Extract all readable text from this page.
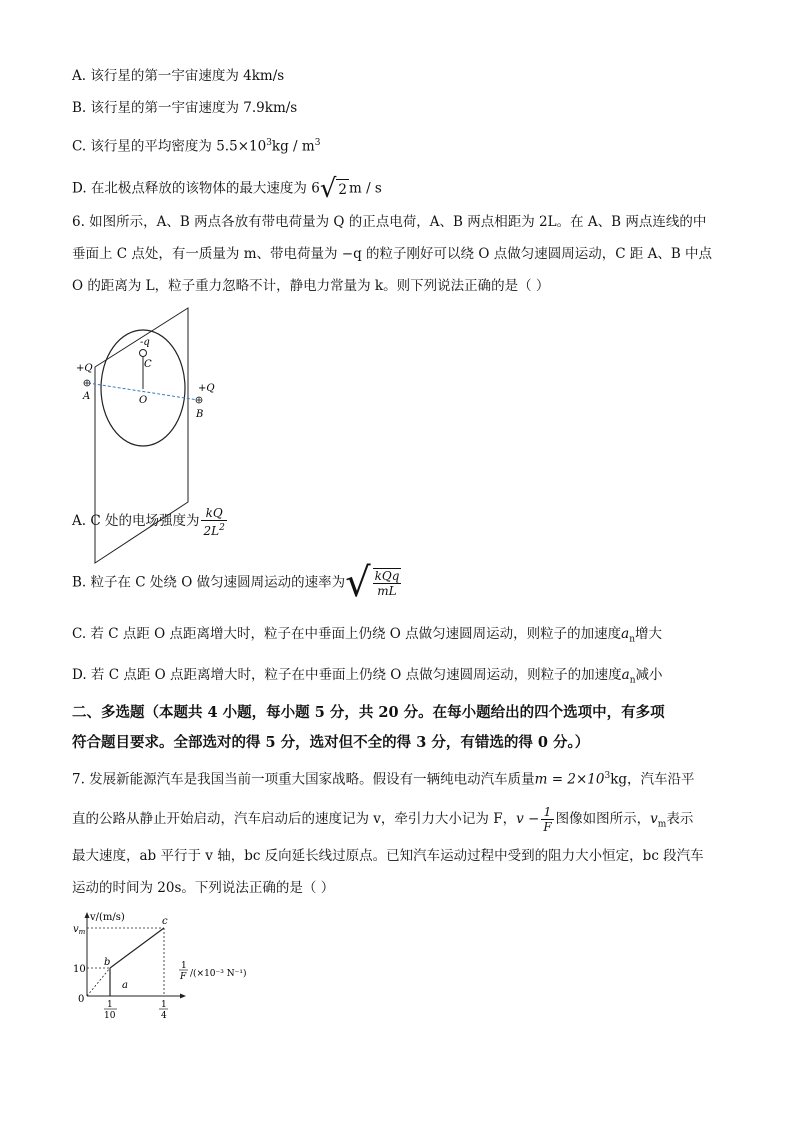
A. 该行星的第一宇宙速度为 4km/s
B. 该行星的第一宇宙速度为 7.9km/s
C. 该行星的平均密度为 $5.5\times 10^3kg / m^3$
D. 在北极点释放的该物体的最大速度为 6√ 2 m / s
6. 如图所示，A、B 两点各放有带电荷量为 Q 的正点电荷，A、B 两点相距为 2L。在 A、B 两点连线的中
垂面上 C 点处，有一质量为 m、带电荷量为 −q 的粒子刚好可以绕 O 点做匀速圆周运动，C 距 A、B 中点
O 的距离为 L，粒子重力忽略不计，静电力常量为 k。则下列说法正确的是（ ）
+Q
A
-q
C
O
+Q
B
A. C 处的电场强度为 $\frac{kQ}{2L^2}$
B. 粒子在 C 处绕 O 做匀速圆周运动的速率为√ $\frac{\text{kQq}}{mL}$
C. 若 C 点距 O 点距离增大时，粒子在中垂面上仍绕 O 点做匀速圆周运动，则粒子的加速度$a_n$增大
D. 若 C 点距 O 点距离增大时，粒子在中垂面上仍绕 O 点做匀速圆周运动，则粒子的加速度$a_n$减小
二、多选题（本题共 4 小题，每小题 5 分，共 20 分。在每小题给出的四个选项中，有多项
符合题目要求。全部选对的得 5 分，选对但不全的得 3 分，有错选的得 0 分。）
7. 发展新能源汽车是我国当前一项重大国家战略。假设有一辆纯电动汽车质量$m = 2\times 10^3kg$，汽车沿平
直的公路从静止开始启动，汽车启动后的速度记为 v，牵引力大小记为 F，$v - \frac{1}{F}$ 图像如图所示，$v_m$表示
最大速度，ab 平行于 v 轴，bc 反向延长线过原点。已知汽车运动过程中受到的阻力大小恒定，bc 段汽车
运动的时间为 20s。下列说法正确的是（ ）
v/(m/s)
$v_m$
10
0
a
b
c
1
10
1
4
1
F /(×10⁻³ N⁻¹)
